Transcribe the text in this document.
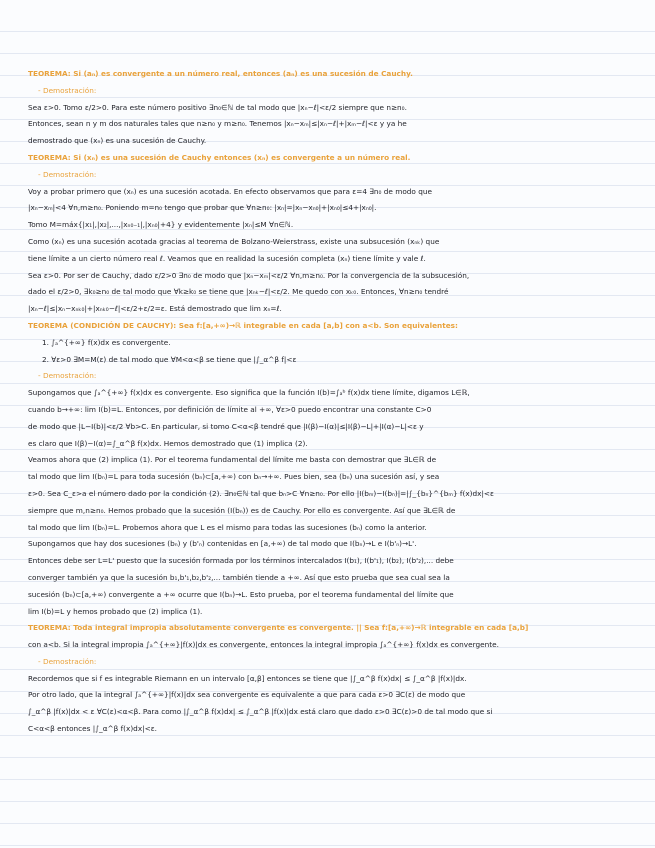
TEOREMA: Si (aₙ) es convergente a un número real, entonces (aₙ) es una sucesión de Cauchy.
- Demostración:
Sea ε>0. Tomo ε/2>0. Para este número positivo ∃n₀∈ℕ de tal modo que |xₙ−ℓ|<ε/2 siempre que n≥n₀.
Entonces, sean n y m dos naturales tales que n≥n₀ y m≥n₀. Tenemos |xₙ−xₘ|≤|xₙ−ℓ|+|xₘ−ℓ|<ε y ya he
demostrado que (xₙ) es una sucesión de Cauchy.
TEOREMA: Si (xₙ) es una sucesión de Cauchy entonces (xₙ) es convergente a un número real.
- Demostración:
Voy a probar primero que (xₙ) es una sucesión acotada. En efecto observamos que para ε=4 ∃n₀ de modo que
|xₙ−xₘ|<4 ∀n,m≥n₀. Poniendo m=n₀ tengo que probar que ∀n≥n₀: |xₙ|=|xₙ−xₙ₀|+|xₙ₀|≤4+|xₙ₀|.
Tomo M=máx{|x₁|,|x₂|,...,|xₙ₀₋₁|,|xₙ₀|+4} y evidentemente |xₙ|≤M ∀n∈ℕ.
Como (xₙ) es una sucesión acotada gracias al teorema de Bolzano-Weierstrass, existe una subsucesión (xₙₖ) que
tiene límite a un cierto número real ℓ. Veamos que en realidad la sucesión completa (xₙ) tiene límite y vale ℓ.
Sea ε>0. Por ser de Cauchy, dado ε/2>0 ∃n₀ de modo que |xₙ−xₘ|<ε/2 ∀n,m≥n₀. Por la convergencia de la subsucesión,
dado el ε/2>0, ∃k₀≥n₀ de tal modo que ∀k≥k₀ se tiene que |xₙₖ−ℓ|<ε/2. Me quedo con xₖ₀. Entonces, ∀n≥n₀ tendré
|xₙ−ℓ|≤|xₙ−xₙₖ₀|+|xₙₖ₀−ℓ|<ε/2+ε/2=ε. Está demostrado que lim xₙ=ℓ.
TEOREMA (CONDICIÓN DE CAUCHY): Sea f:[a,+∞)→ℝ integrable en cada [a,b] con a<b. Son equivalentes:
1. ∫ₐ^{+∞} f(x)dx es convergente.
2. ∀ε>0 ∃M=M(ε) de tal modo que ∀M<α<β se tiene que |∫_α^β f|<ε
- Demostración:
Supongamos que ∫ₐ^{+∞} f(x)dx es convergente. Eso significa que la función I(b)=∫ₐᵇ f(x)dx tiene límite, digamos L∈ℝ,
cuando b→+∞: lim I(b)=L. Entonces, por definición de límite al +∞, ∀ε>0 puedo encontrar una constante C>0
de modo que |L−I(b)|<ε/2 ∀b>C. En particular, si tomo C<α<β tendré que |I(β)−I(α)|≤|I(β)−L|+|I(α)−L|<ε y
es claro que I(β)−I(α)=∫_α^β f(x)dx. Hemos demostrado que (1) implica (2).
Veamos ahora que (2) implica (1). Por el teorema fundamental del límite me basta con demostrar que ∃L∈ℝ de
tal modo que lim I(bₙ)=L para toda sucesión (bₙ)⊂[a,+∞) con bₙ→+∞. Pues bien, sea (bₙ) una sucesión así, y sea
ε>0. Sea C_ε>a el número dado por la condición (2). ∃n₀∈ℕ tal que bₙ>C ∀n≥n₀. Por ello |I(bₘ)−I(bₙ)|=|∫_{bₙ}^{bₘ} f(x)dx|<ε
siempre que m,n≥n₀. Hemos probado que la sucesión (I(bₙ)) es de Cauchy. Por ello es convergente. Así que ∃L∈ℝ de
tal modo que lim I(bₙ)=L. Probemos ahora que L es el mismo para todas las sucesiones (bₙ) como la anterior.
Supongamos que hay dos sucesiones (bₙ) y (b'ₙ) contenidas en [a,+∞) de tal modo que I(bₙ)→L e I(b'ₙ)→L'.
Entonces debe ser L=L' puesto que la sucesión formada por los términos intercalados I(b₁), I(b'₁), I(b₂), I(b'₂),... debe
converger también ya que la sucesión b₁,b'₁,b₂,b'₂,... también tiende a +∞. Así que esto prueba que sea cual sea la
sucesión (bₙ)⊂[a,+∞) convergente a +∞ ocurre que I(bₙ)→L. Esto prueba, por el teorema fundamental del límite que
lim I(b)=L y hemos probado que (2) implica (1).
TEOREMA: Toda integral impropia absolutamente convergente es convergente. || Sea f:[a,+∞)→ℝ integrable en cada [a,b]
con a<b. Si la integral impropia ∫ₐ^{+∞}|f(x)|dx es convergente, entonces la integral impropia ∫ₐ^{+∞} f(x)dx es convergente.
- Demostración:
Recordemos que si f es integrable Riemann en un intervalo [α,β] entonces se tiene que |∫_α^β f(x)dx| ≤ ∫_α^β |f(x)|dx.
Por otro lado, que la integral ∫ₐ^{+∞}|f(x)|dx sea convergente es equivalente a que para cada ε>0 ∃C(ε) de modo que
∫_α^β |f(x)|dx < ε ∀C(ε)<α<β. Para como |∫_α^β f(x)dx| ≤ ∫_α^β |f(x)|dx está claro que dado ε>0 ∃C(ε)>0 de tal modo que si
C<α<β entonces |∫_α^β f(x)dx|<ε.
